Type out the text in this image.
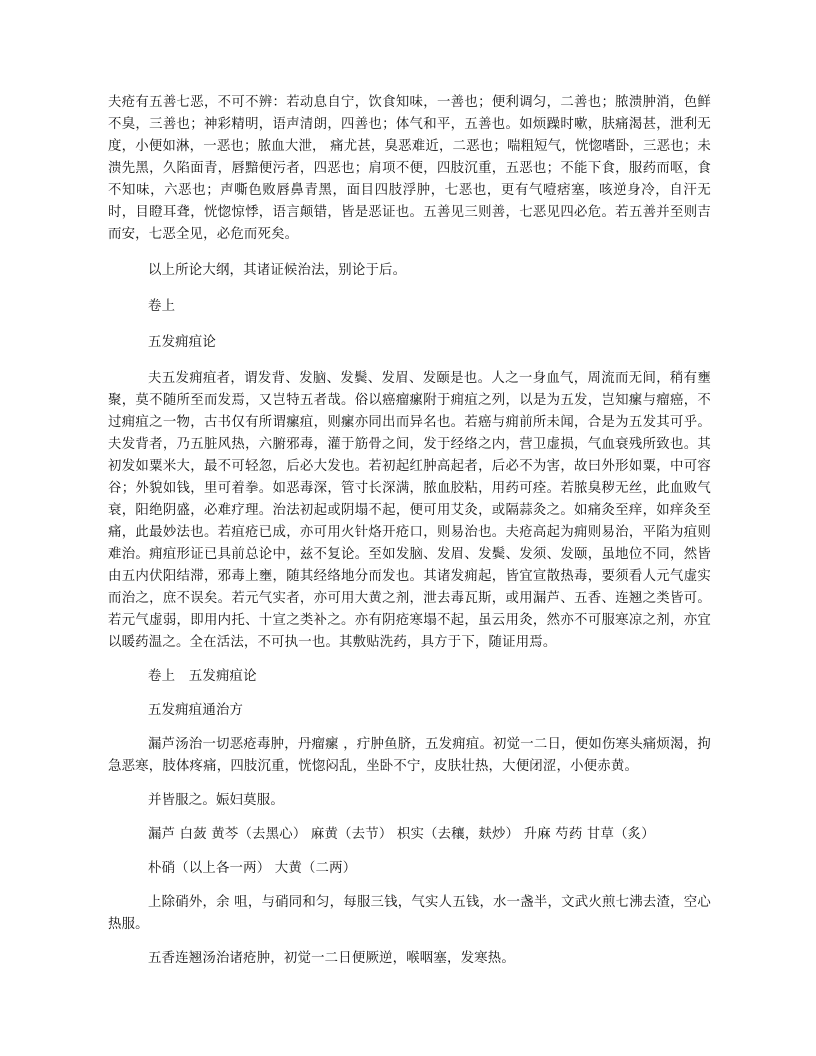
夫疮有五善七恶，不可不辨：若动息自宁，饮食知味，一善也；便利调匀，二善也；脓溃肿消，色鲜不臭，三善也；神彩精明，语声清朗，四善也；体气和平，五善也。如烦躁时嗽，肤痛渴甚，泄利无度，小便如淋，一恶也；脓血大泄， 痛尤甚，臭恶难近，二恶也；喘粗短气，恍惚嗜卧，三恶也；未溃先黑，久陷面青，唇黯便污者，四恶也；肩项不便，四肢沉重，五恶也；不能下食，服药而呕，食不知味，六恶也；声嘶色败唇鼻青黑，面目四肢浮肿，七恶也，更有气噎痞塞，咳逆身冷，自汗无时，目瞪耳聋，恍惚惊悸，语言颠错，皆是恶证也。五善见三则善，七恶见四必危。若五善并至则吉而安，七恶全见，必危而死矣。

以上所论大纲，其诸证候治法，别论于后。

卷上

五发痈疽论

夫五发痈疽者，谓发背、发脑、发鬓、发眉、发颐是也。人之一身血气，周流而无间，稍有壅聚，莫不随所至而发焉，又岂特五者哉。俗以癌瘤瘰附于痈疽之列，以是为五发，岂知瘰与瘤癌，不过痈疽之一物，古书仅有所谓瘰疽，则瘰亦同出而异名也。若癌与痈前所未闻，合是为五发其可乎。夫发背者，乃五脏风热，六腑邪毒，灌于筋骨之间，发于经络之内，营卫虚损，气血衰残所致也。其初发如粟米大，最不可轻忽，后必大发也。若初起红肿高起者，后必不为害，故曰外形如粟，中可容谷；外貌如钱，里可着拳。如恶毒深，管寸长深满，脓血胶粘，用药可痊。若脓臭秽无丝，此血败气衰，阳绝阴盛，必难疗理。治法初起或阴塌不起，便可用艾灸，或隔蒜灸之。如痛灸至痒，如痒灸至痛，此最妙法也。若疽疮已成，亦可用火针烙开疮口，则易治也。夫疮高起为痈则易治，平陷为疽则难治。痈疽形证已具前总论中，兹不复论。至如发脑、发眉、发鬓、发须、发颐，虽地位不同，然皆由五内伏阳结滞，邪毒上壅，随其经络地分而发也。其诸发痈起，皆宜宣散热毒，要须看人元气虚实而治之，庶不误矣。若元气实者，亦可用大黄之剂，泄去毒瓦斯，或用漏芦、五香、连翘之类皆可。若元气虚弱，即用内托、十宣之类补之。亦有阴疮寒塌不起，虽云用灸，然亦不可服寒凉之剂，亦宜以暖药温之。全在活法，不可执一也。其敷贴洗药，具方于下，随证用焉。

卷上　五发痈疽论

五发痈疽通治方

漏芦汤治一切恶疮毒肿，丹瘤瘰 ，疔肿鱼脐，五发痈疽。初觉一二日，便如伤寒头痛烦渴，拘急恶寒，肢体疼痛，四肢沉重，恍惚闷乱，坐卧不宁，皮肤壮热，大便闭涩，小便赤黄。

并皆服之。娠妇莫服。

漏芦 白蔹 黄芩（去黑心） 麻黄（去节） 枳实（去穰，麸炒） 升麻 芍药 甘草（炙）

朴硝（以上各一两） 大黄（二两）

上除硝外，余 咀，与硝同和匀，每服三钱，气实人五钱，水一盏半，文武火煎七沸去渣，空心热服。

五香连翘汤治诸疮肿，初觉一二日便厥逆，喉咽塞，发寒热。
